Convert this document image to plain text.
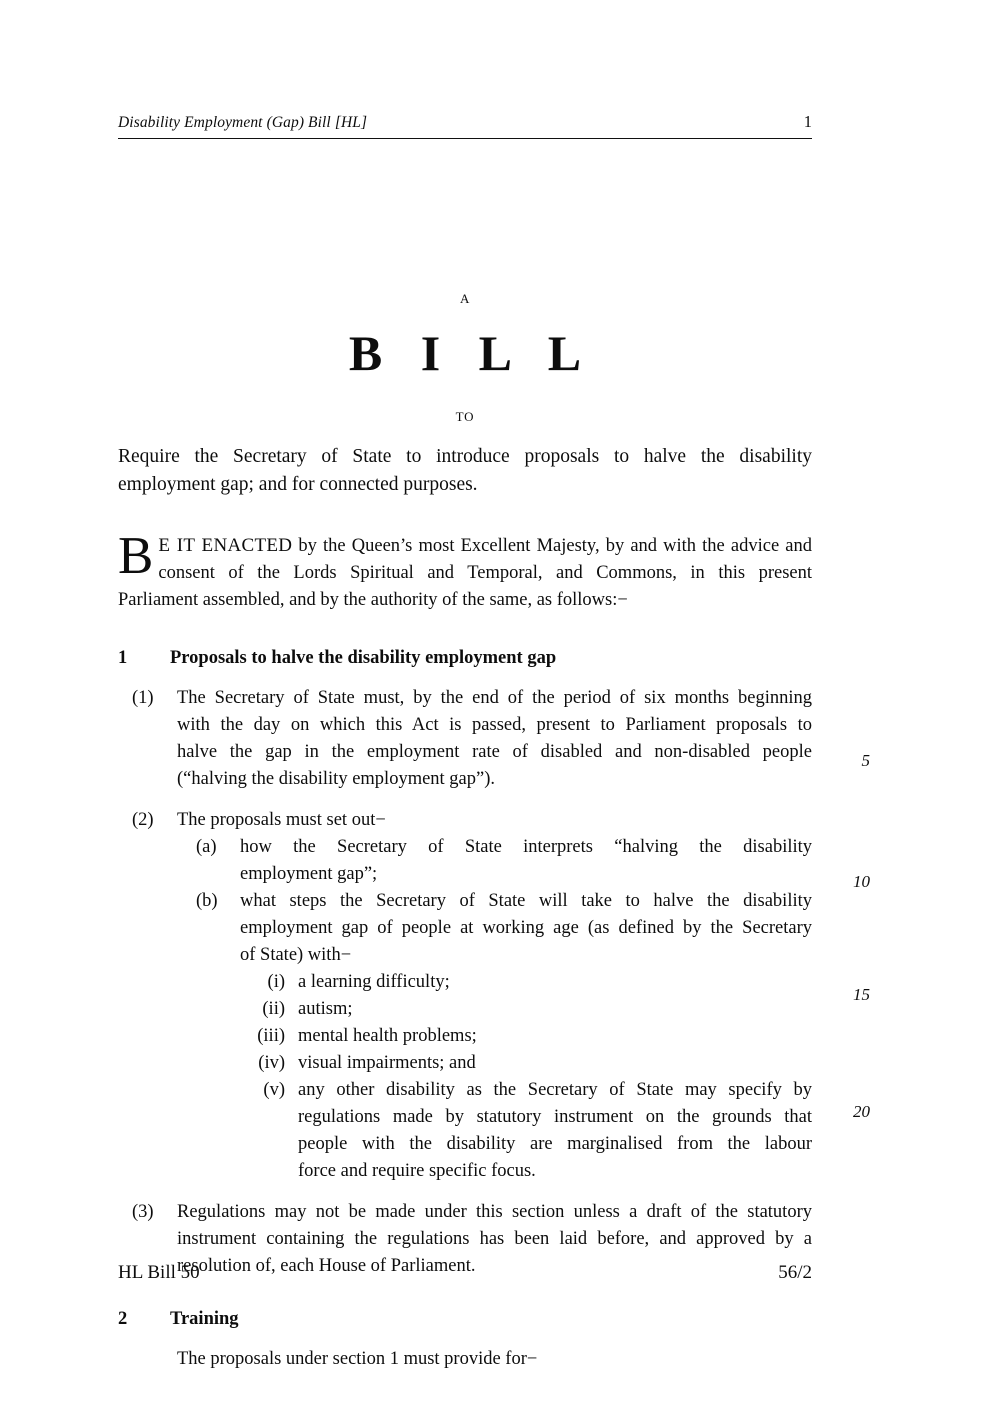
Disability Employment (Gap) Bill [HL]	1
A
B I L L
TO
Require the Secretary of State to introduce proposals to halve the disability
employment gap; and for connected purposes.
B E IT ENACTED by the Queen’s most Excellent Majesty, by and with the advice and
consent of the Lords Spiritual and Temporal, and Commons, in this present
Parliament assembled, and by the authority of the same, as follows:−
1 Proposals to halve the disability employment gap
(1)	The Secretary of State must, by the end of the period of six months beginning
with the day on which this Act is passed, present to Parliament proposals to
halve the gap in the employment rate of disabled and non-disabled people
(“halving the disability employment gap”).
(2)	The proposals must set out−
(a)	how the Secretary of State interprets “halving the disability
employment gap”;
(b)	what steps the Secretary of State will take to halve the disability
employment gap of people at working age (as defined by the Secretary
of State) with−
(i) a learning difficulty;
(ii) autism;
(iii) mental health problems;
(iv) visual impairments; and
(v) any other disability as the Secretary of State may specify by
regulations made by statutory instrument on the grounds that
people with the disability are marginalised from the labour
force and require specific focus.
(3)	Regulations may not be made under this section unless a draft of the statutory
instrument containing the regulations has been laid before, and approved by a
resolution of, each House of Parliament.
2 Training
The proposals under section 1 must provide for−
5
10
15
20
HL Bill 50	56/2
